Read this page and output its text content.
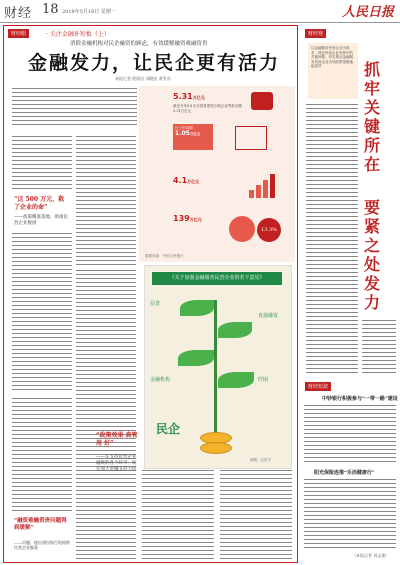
财经 18 2018年5月16日 星期一	人民日报
财经眼	· 关注金融补短板（上）
消除金融机构对民企融资的顾虑，有效缓解融资难融资贵
金融发力，让民企更有活力
本报记者 欧阳洁 刘晓宏 黄发东
“这 500 万元，救了企业的命”
——政策精准落地，助推民营企业脱困
5.31万亿元
截至今年8月末全国普惠型小微企业贷款余额5.31万亿元
1.05万亿元
比上年同期
4.1万亿元
139万亿元
13.3%
数据来源：中国人民银行
《关于加强金融服务民营企业的若干意见》
信贷
直接融资
金融机构	纾困
民企
制图：汪哲平
“政策效果 真管用 好”
——在支持民营企业融资的各个环节，切实加大金融支持力度
“融资难融资贵问题得到缓解”
——问题、提出建设银行机构供民营企业服务
财经观
以金融服务民营企业为抓手，抓住民营企业发展中的关键问题，切实推动金融服务民营企业各项政策措施落地见效	抓牢关键所在
要紧之处发力
财经短波
中钞银行积极参与“一带一路”建设
阳光保险连推“乐活健康行”
（本报记者 刘志强）
